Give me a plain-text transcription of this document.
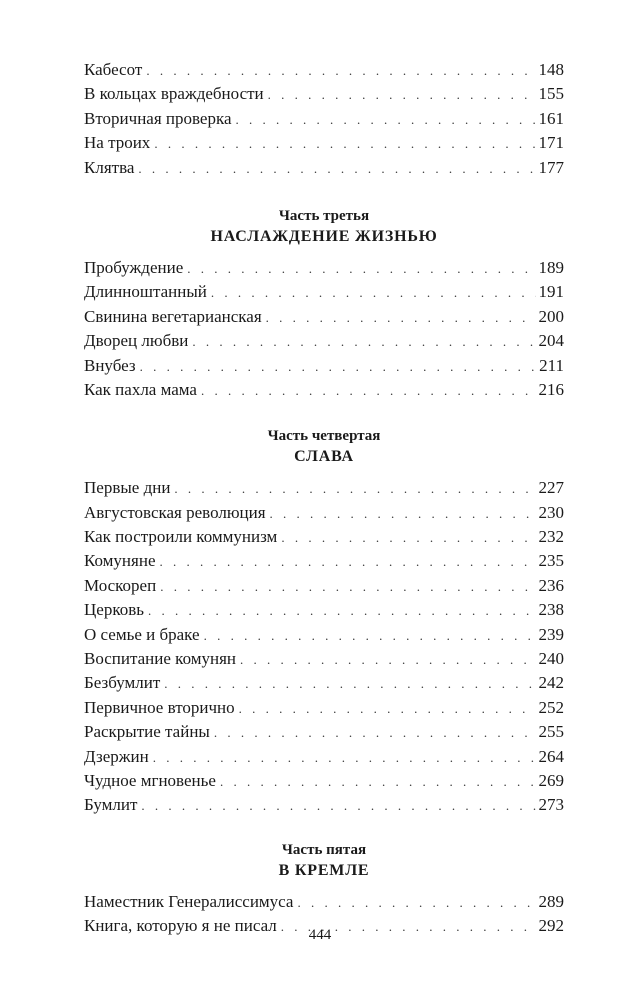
Кабесот . . .	148
В кольцах враждебности . . .	155
Вторичная проверка . . .	161
На троих . . .	171
Клятва . . .	177
Часть третья
НАСЛАЖДЕНИЕ ЖИЗНЬЮ
Пробуждение . . .	189
Длинноштанный . . .	191
Свинина вегетарианская . . .	200
Дворец любви . . .	204
Внубез . . .	211
Как пахла мама . . .	216
Часть четвертая
СЛАВА
Первые дни . . .	227
Августовская революция . . .	230
Как построили коммунизм . . .	232
Комуняне . . .	235
Москореп . . .	236
Церковь . . .	238
О семье и браке . . .	239
Воспитание комунян . . .	240
Безбумлит . . .	242
Первичное вторично . . .	252
Раскрытие тайны . . .	255
Дзержин . . .	264
Чудное мгновенье . . .	269
Бумлит . . .	273
Часть пятая
В КРЕМЛЕ
Наместник Генералиссимуса . . .	289
Книга, которую я не писал . . .	292
444
